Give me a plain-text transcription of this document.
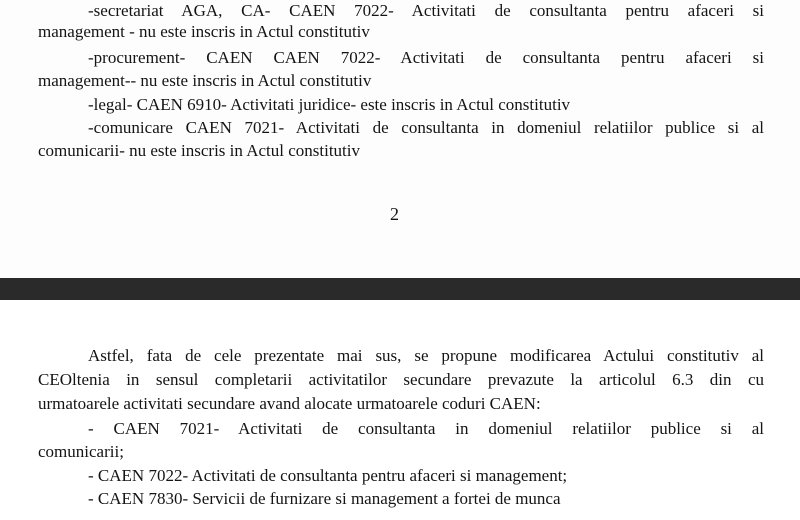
-secretariat AGA, CA- CAEN 7022- Activitati de consultanta pentru afaceri si
management - nu este inscris in Actul constitutiv
-procurement- CAEN CAEN 7022- Activitati de consultanta pentru afaceri si
management-- nu este inscris in Actul constitutiv
-legal- CAEN 6910- Activitati juridice- este inscris in Actul constitutiv
-comunicare CAEN 7021- Activitati de consultanta in domeniul relatiilor publice si al
comunicarii- nu este inscris in Actul constitutiv
2
Astfel, fata de cele prezentate mai sus, se propune modificarea Actului constitutiv al
CEOltenia in sensul completarii activitatilor secundare prevazute la articolul 6.3 din cu
urmatoarele activitati secundare avand alocate urmatoarele coduri CAEN:
- CAEN 7021- Activitati de consultanta in domeniul relatiilor publice si al
comunicarii;
- CAEN 7022- Activitati de consultanta pentru afaceri si management;
- CAEN 7830- Servicii de furnizare si management a fortei de munca
